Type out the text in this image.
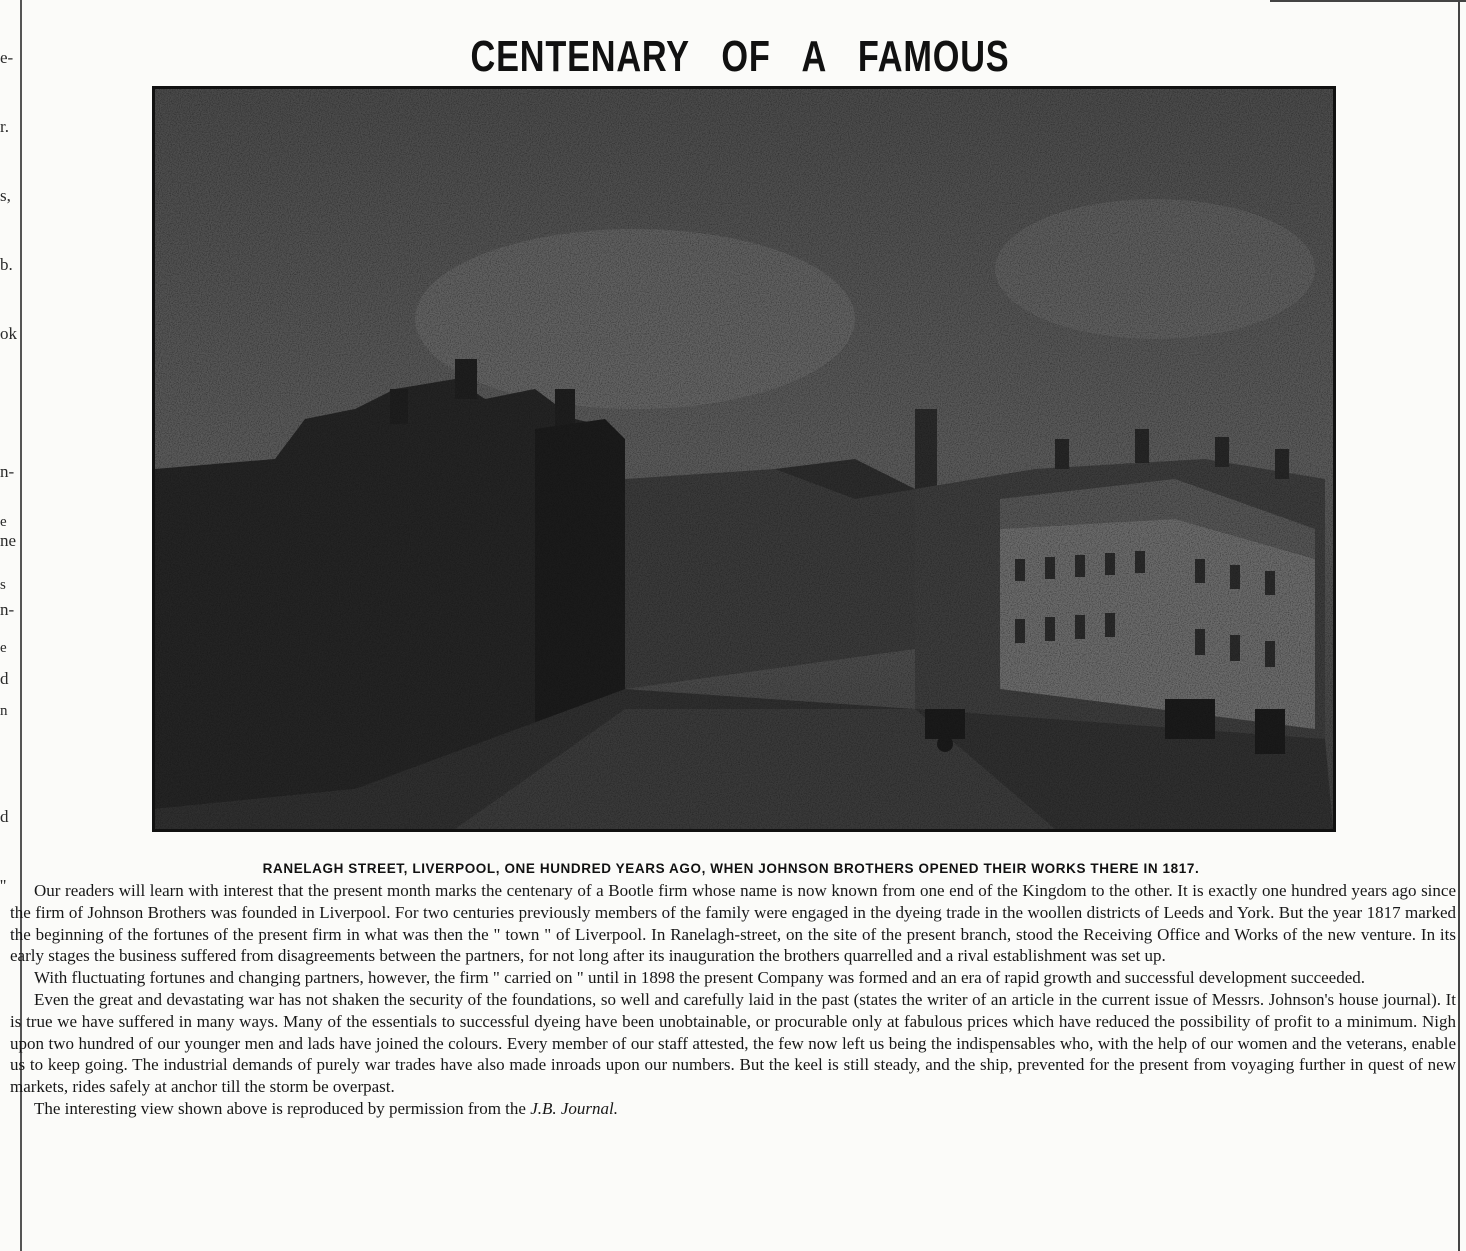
e-

r.

s,

b.

ok

n-

ne

n-

d

d

''

e

s

e

n

CENTENARY OF A FAMOUS
RANELAGH STREET, LIVERPOOL, ONE HUNDRED YEARS AGO, WHEN JOHNSON BROTHERS OPENED THEIR WORKS THERE IN 1817.

Our readers will learn with interest that the present month marks the centenary of a Bootle firm whose name is now known from one end of the Kingdom to the other. It is exactly one hundred years ago since the firm of Johnson Brothers was founded in Liverpool. For two centuries previously members of the family were engaged in the dyeing trade in the woollen districts of Leeds and York. But the year 1817 marked the beginning of the fortunes of the present firm in what was then the " town " of Liverpool. In Ranelagh-street, on the site of the present branch, stood the Receiving Office and Works of the new venture. In its early stages the business suffered from disagreements between the partners, for not long after its inauguration the brothers quarrelled and a rival establishment was set up.

With fluctuating fortunes and changing partners, however, the firm " carried on " until in 1898 the present Company was formed and an era of rapid growth and successful development succeeded.

Even the great and devastating war has not shaken the security of the foundations, so well and carefully laid in the past (states the writer of an article in the current issue of Messrs. Johnson's house journal). It is true we have suffered in many ways. Many of the essentials to successful dyeing have been unobtainable, or procurable only at fabulous prices which have reduced the possibility of profit to a minimum. Nigh upon two hundred of our younger men and lads have joined the colours. Every member of our staff attested, the few now left us being the indispensables who, with the help of our women and the veterans, enable us to keep going. The industrial demands of purely war trades have also made inroads upon our numbers. But the keel is still steady, and the ship, prevented for the present from voyaging further in quest of new markets, rides safely at anchor till the storm be overpast.

The interesting view shown above is reproduced by permission from the J.B. Journal.
